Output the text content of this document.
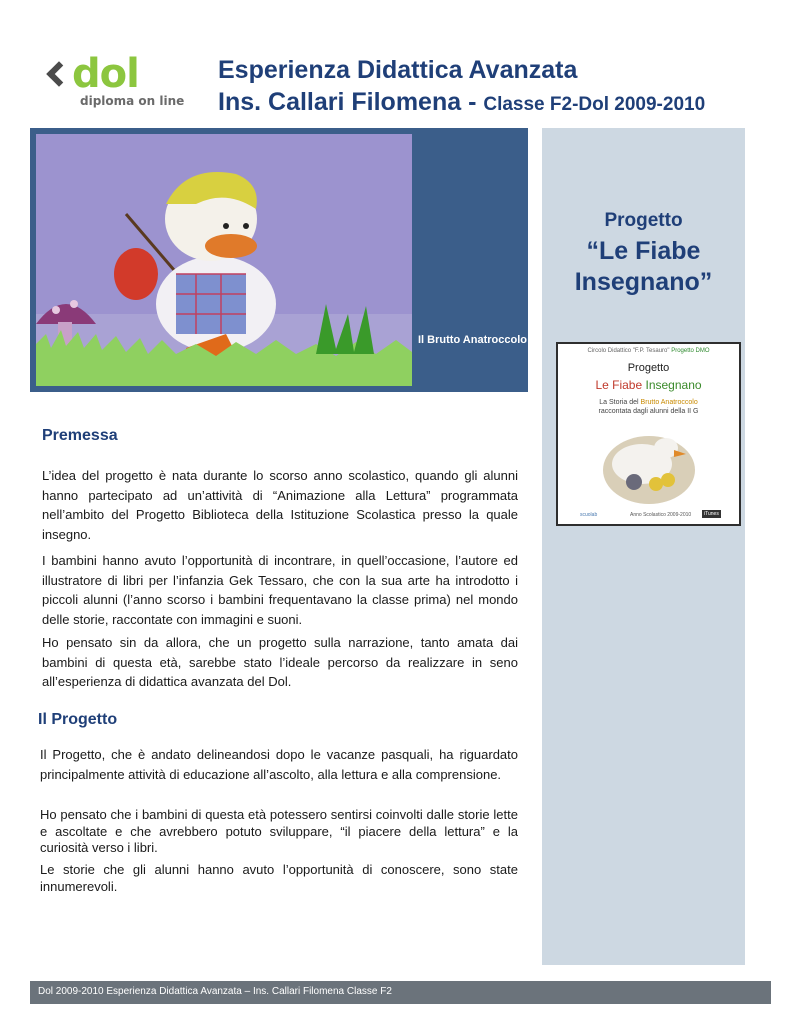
dol
diploma on line
Esperienza Didattica Avanzata
Ins. Callari Filomena - Classe F2-Dol 2009-2010
Il Brutto Anatroccolo
Progetto
“Le Fiabe
Insegnano”
Circolo Didattico "F.P. Tesauro" Progetto DMO
Progetto
Le Fiabe Insegnano
La Storia del Brutto Anatroccolo
raccontata dagli alunni della II G
scuolab	Anno Scolastico 2009-2010	iTunes
Premessa

L’idea del progetto è nata durante lo scorso anno scolastico, quando gli alunni hanno partecipato ad un’attività di “Animazione alla Lettura” programmata nell’ambito del Progetto Biblioteca della Istituzione Scolastica presso la quale insegno.

I bambini hanno avuto l’opportunità di incontrare, in quell’occasione, l’autore ed illustratore di libri per l’infanzia Gek Tessaro, che con la sua arte ha introdotto i piccoli alunni (l’anno scorso i bambini frequentavano la classe prima) nel mondo delle storie, raccontate con immagini e suoni.

Ho pensato sin da allora, che un progetto sulla narrazione, tanto amata dai bambini di questa età, sarebbe stato l’ideale percorso da realizzare in seno all’esperienza di didattica avanzata del Dol.

Il Progetto

Il Progetto, che è andato delineandosi dopo le vacanze pasquali, ha riguardato principalmente attività di educazione all’ascolto, alla lettura e alla comprensione.

Ho pensato che i bambini di questa età potessero sentirsi coinvolti dalle storie lette e ascoltate e che avrebbero potuto sviluppare, “il piacere della lettura” e la curiosità verso i libri.

Le storie che gli alunni hanno avuto l’opportunità di conoscere, sono state innumerevoli.

Dol 2009-2010 Esperienza Didattica Avanzata – Ins. Callari Filomena Classe F2
